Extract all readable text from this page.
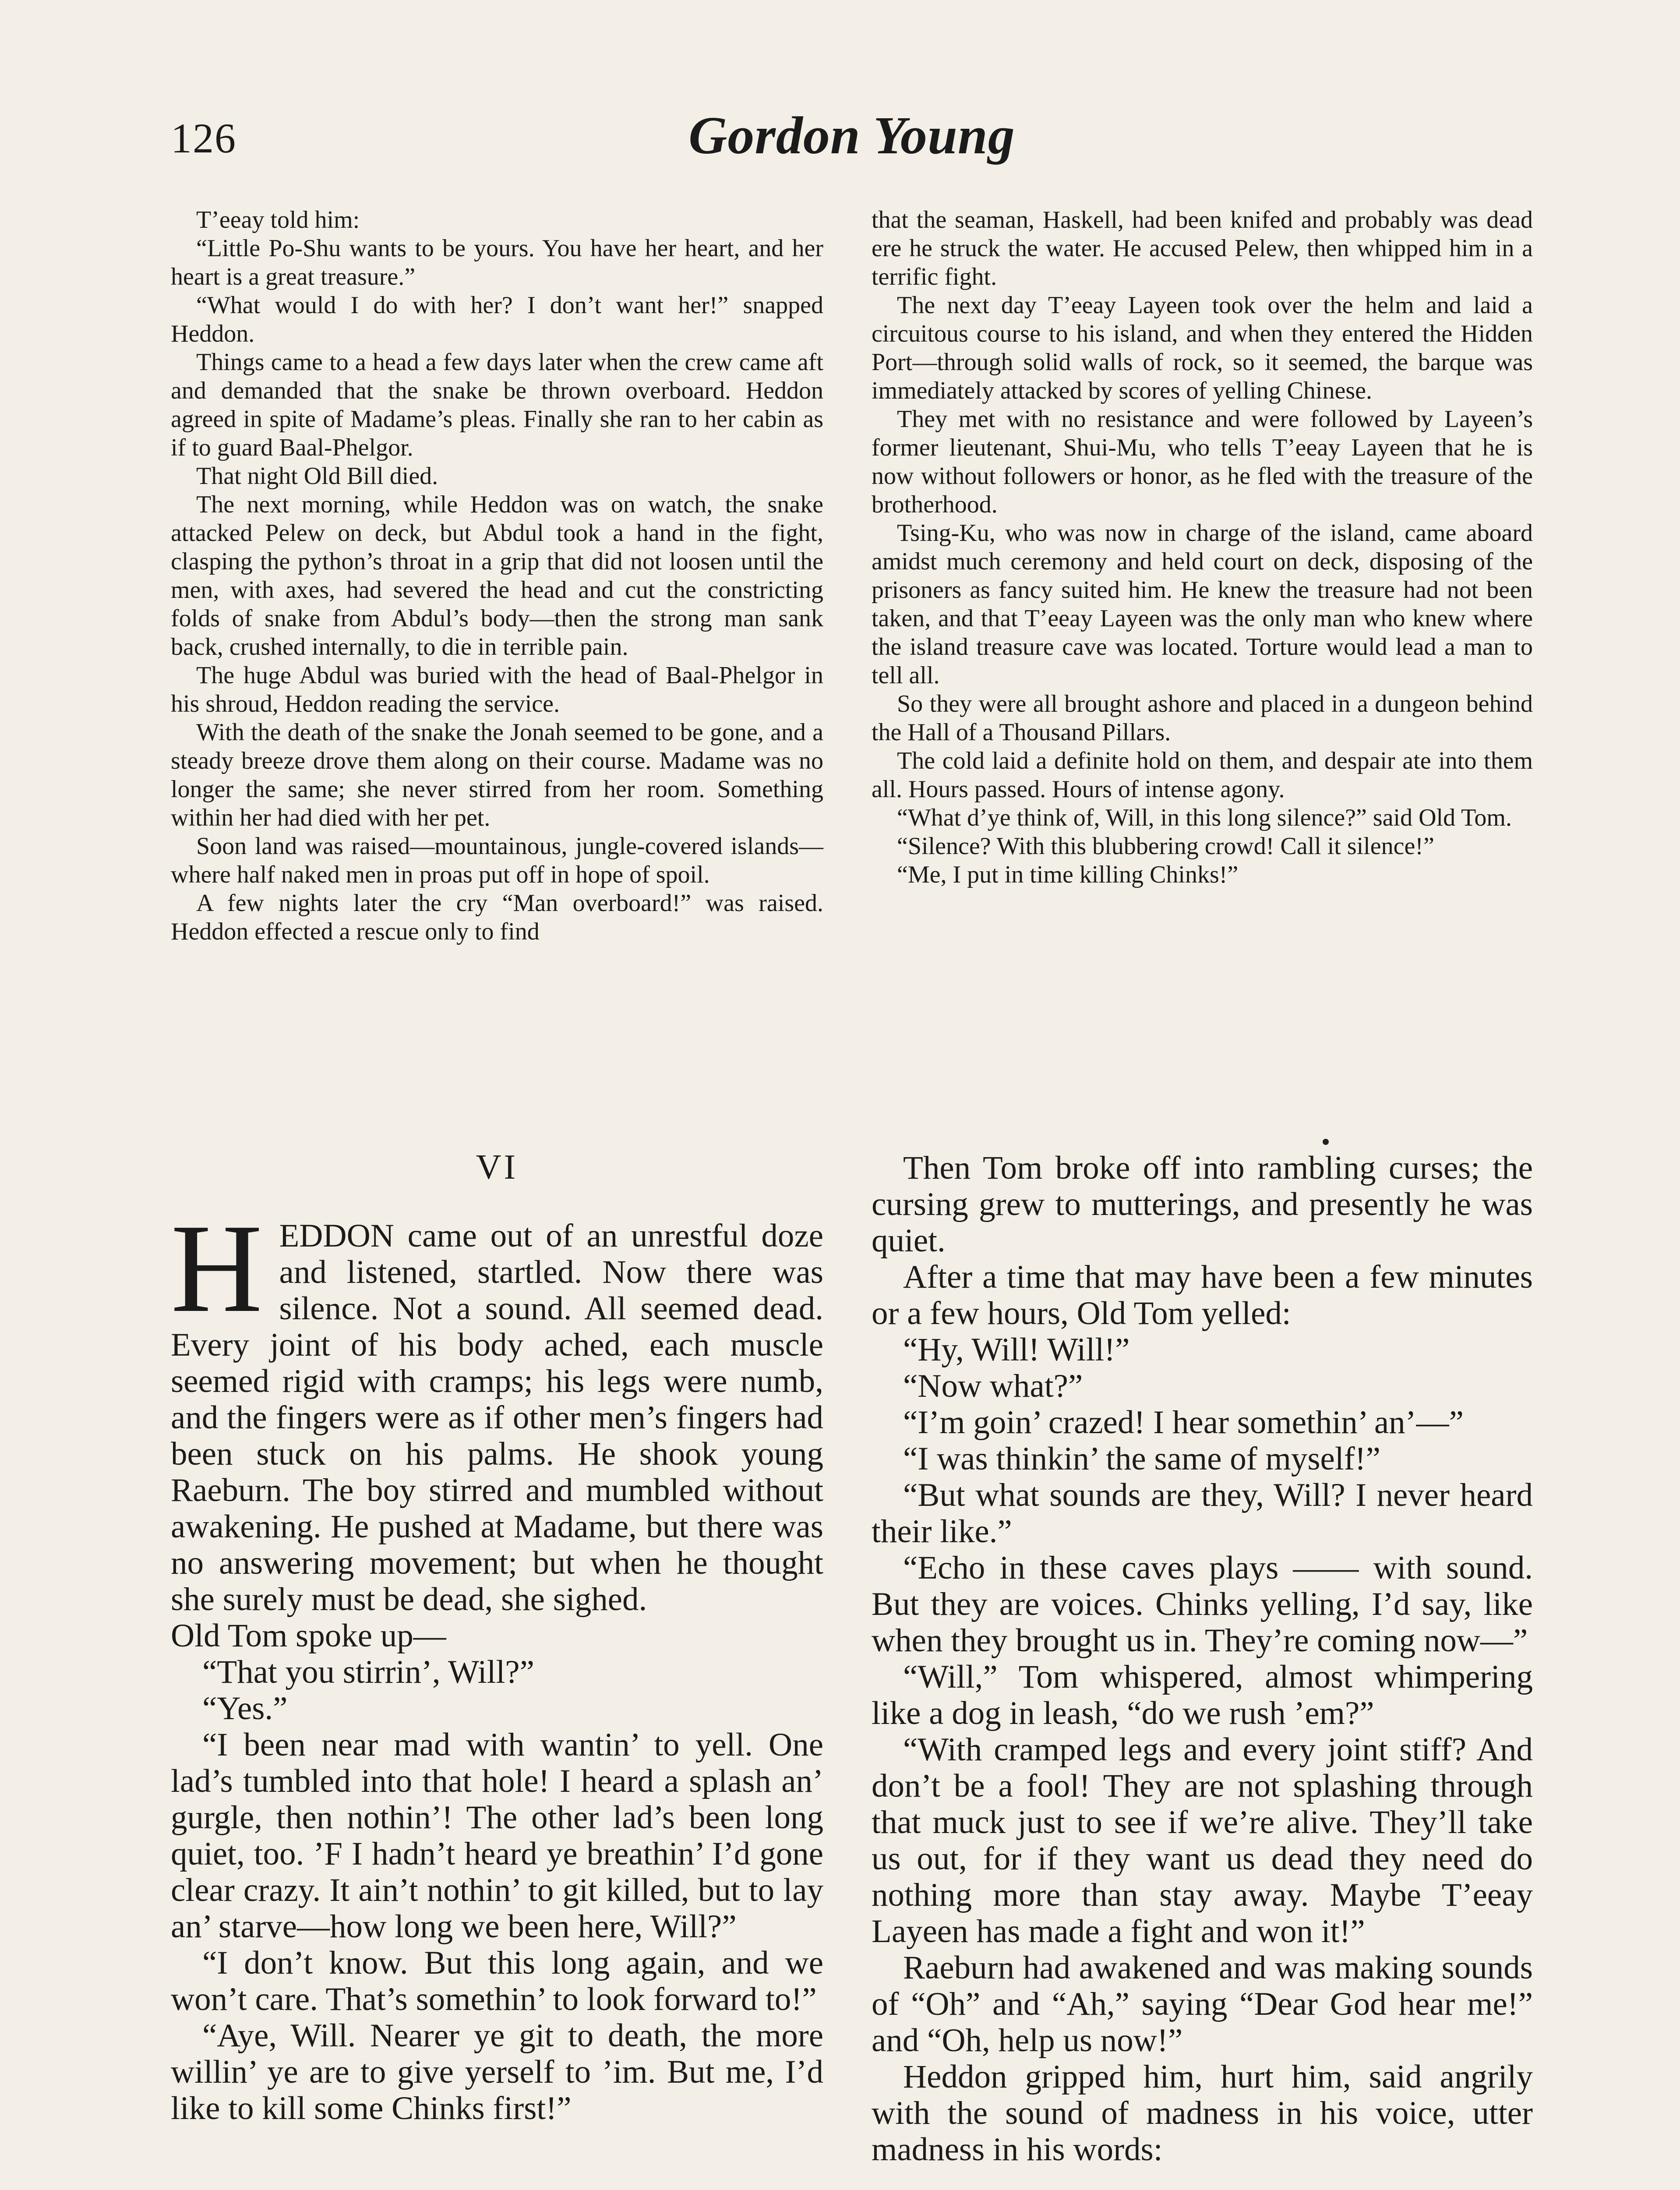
126	Gordon Young

T’eeay told him:

“Little Po-Shu wants to be yours. You have her heart, and her heart is a great treasure.”

“What would I do with her? I don’t want her!” snapped Heddon.

Things came to a head a few days later when the crew came aft and demanded that the snake be thrown overboard. Heddon agreed in spite of Madame’s pleas. Finally she ran to her cabin as if to guard Baal-Phelgor.

That night Old Bill died.

The next morning, while Heddon was on watch, the snake attacked Pelew on deck, but Abdul took a hand in the fight, clasping the python’s throat in a grip that did not loosen until the men, with axes, had severed the head and cut the constricting folds of snake from Abdul’s body—then the strong man sank back, crushed internally, to die in terrible pain.

The huge Abdul was buried with the head of Baal-Phelgor in his shroud, Heddon reading the service.

With the death of the snake the Jonah seemed to be gone, and a steady breeze drove them along on their course. Madame was no longer the same; she never stirred from her room. Something within her had died with her pet.

Soon land was raised—mountainous, jungle-covered islands—where half naked men in proas put off in hope of spoil.

A few nights later the cry “Man overboard!” was raised. Heddon effected a rescue only to find

that the seaman, Haskell, had been knifed and probably was dead ere he struck the water. He accused Pelew, then whipped him in a terrific fight.

The next day T’eeay Layeen took over the helm and laid a circuitous course to his island, and when they entered the Hidden Port—through solid walls of rock, so it seemed, the barque was immediately attacked by scores of yelling Chinese.

They met with no resistance and were followed by Layeen’s former lieutenant, Shui-Mu, who tells T’eeay Layeen that he is now without followers or honor, as he fled with the treasure of the brotherhood.

Tsing-Ku, who was now in charge of the island, came aboard amidst much ceremony and held court on deck, disposing of the prisoners as fancy suited him. He knew the treasure had not been taken, and that T’eeay Layeen was the only man who knew where the island treasure cave was located. Torture would lead a man to tell all.

So they were all brought ashore and placed in a dungeon behind the Hall of a Thousand Pillars.

The cold laid a definite hold on them, and despair ate into them all. Hours passed. Hours of intense agony.

“What d’ye think of, Will, in this long silence?” said Old Tom.

“Silence? With this blubbering crowd! Call it silence!”

“Me, I put in time killing Chinks!”

VI

HEDDON came out of an unrestful doze and listened, startled. Now there was silence. Not a sound. All seemed dead. Every joint of his body ached, each muscle seemed rigid with cramps; his legs were numb, and the fingers were as if other men’s fingers had been stuck on his palms. He shook young Raeburn. The boy stirred and mumbled without awakening. He pushed at Madame, but there was no answering movement; but when he thought she surely must be dead, she sighed.

Old Tom spoke up—

“That you stirrin’, Will?”

“Yes.”

“I been near mad with wantin’ to yell. One lad’s tumbled into that hole! I heard a splash an’ gurgle, then nothin’! The other lad’s been long quiet, too. ’F I hadn’t heard ye breathin’ I’d gone clear crazy. It ain’t nothin’ to git killed, but to lay an’ starve—how long we been here, Will?”

“I don’t know. But this long again, and we won’t care. That’s somethin’ to look forward to!”

“Aye, Will. Nearer ye git to death, the more willin’ ye are to give yerself to ’im. But me, I’d like to kill some Chinks first!”

Then Tom broke off into rambling curses; the cursing grew to mutterings, and presently he was quiet.

After a time that may have been a few minutes or a few hours, Old Tom yelled:

“Hy, Will! Will!”

“Now what?”

“I’m goin’ crazed! I hear somethin’ an’—”

“I was thinkin’ the same of myself!”

“But what sounds are they, Will? I never heard their like.”

“Echo in these caves plays —— with sound. But they are voices. Chinks yelling, I’d say, like when they brought us in. They’re coming now—”

“Will,” Tom whispered, almost whimpering like a dog in leash, “do we rush ’em?”

“With cramped legs and every joint stiff? And don’t be a fool! They are not splashing through that muck just to see if we’re alive. They’ll take us out, for if they want us dead they need do nothing more than stay away. Maybe T’eeay Layeen has made a fight and won it!”

Raeburn had awakened and was making sounds of “Oh” and “Ah,” saying “Dear God hear me!” and “Oh, help us now!”

Heddon gripped him, hurt him, said angrily with the sound of madness in his voice, utter madness in his words:
